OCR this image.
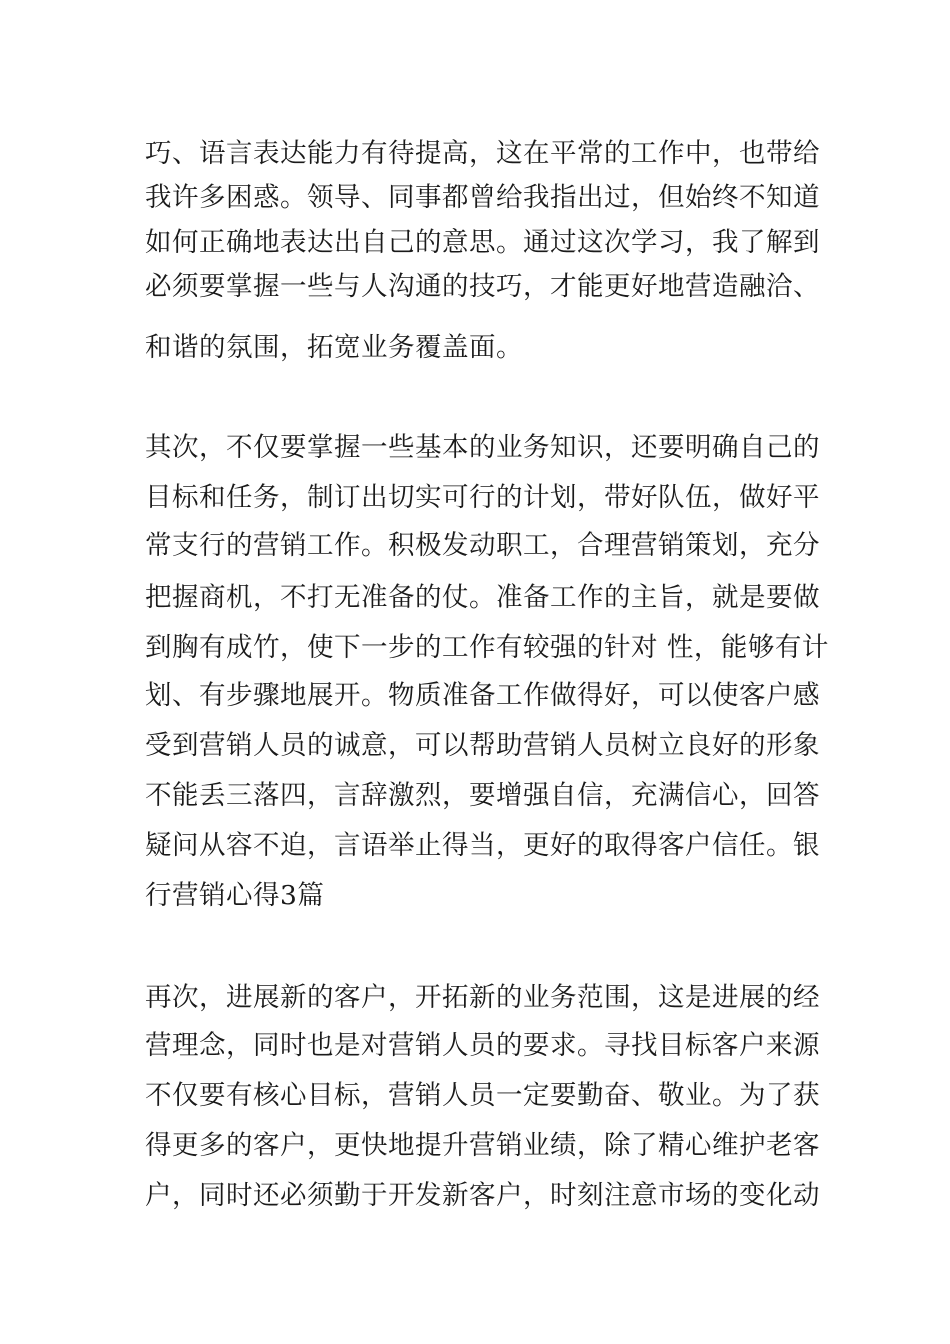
巧、语言表达能力有待提高，这在平常的工作中，也带给

我许多困惑。领导、同事都曾给我指出过，但始终不知道

如何正确地表达出自己的意思。通过这次学习，我了解到

必须要掌握一些与人沟通的技巧，才能更好地营造融洽、

和谐的氛围，拓宽业务覆盖面。

其次，不仅要掌握一些基本的业务知识，还要明确自己的

目标和任务，制订出切实可行的计划，带好队伍，做好平

常支行的营销工作。积极发动职工，合理营销策划，充分

把握商机，不打无准备的仗。准备工作的主旨，就是要做

到胸有成竹，使下一步的工作有较强的针对 性，能够有计

划、有步骤地展开。物质准备工作做得好，可以使客户感

受到营销人员的诚意，可以帮助营销人员树立良好的形象

不能丢三落四，言辞激烈，要增强自信，充满信心，回答

疑问从容不迫，言语举止得当，更好的取得客户信任。银

行营销心得3篇

再次，进展新的客户，开拓新的业务范围，这是进展的经

营理念，同时也是对营销人员的要求。寻找目标客户来源

不仅要有核心目标，营销人员一定要勤奋、敬业。为了获

得更多的客户，更快地提升营销业绩，除了精心维护老客

户，同时还必须勤于开发新客户，时刻注意市场的变化动
